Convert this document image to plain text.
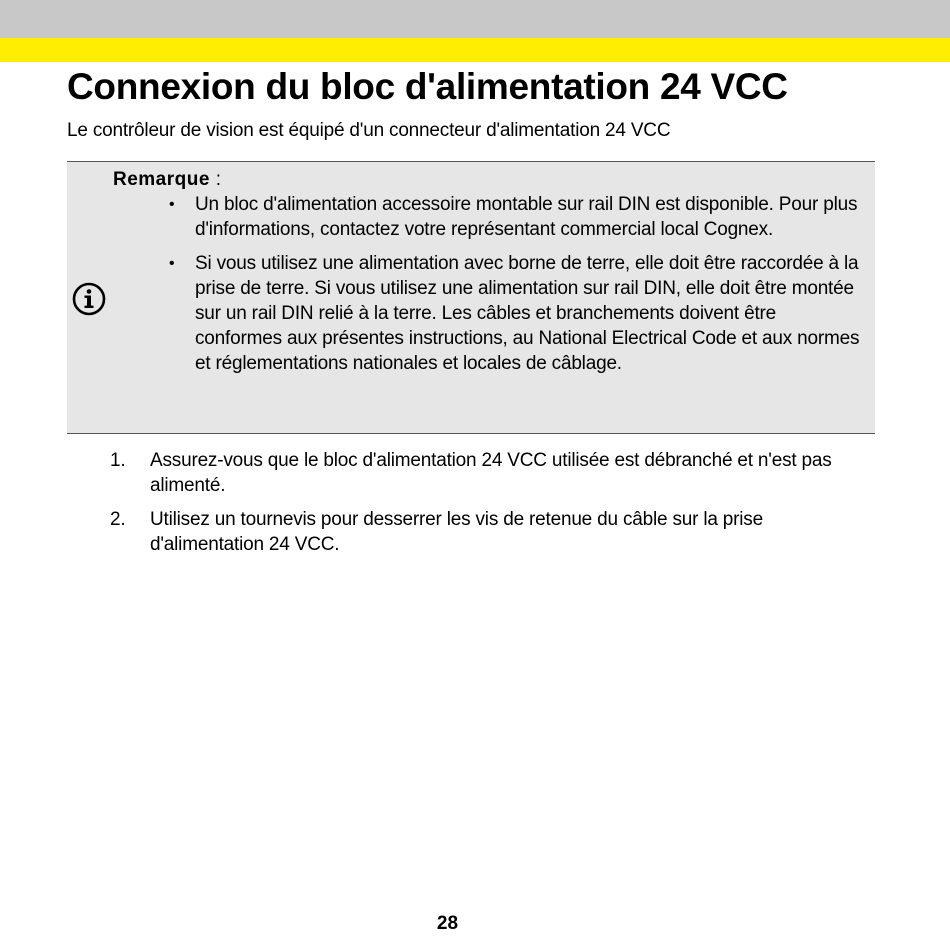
Connexion du bloc d'alimentation 24 VCC

Le contrôleur de vision est équipé d'un connecteur d'alimentation 24 VCC

Remarque :
• Un bloc d'alimentation accessoire montable sur rail DIN est disponible. Pour plus d'informations, contactez votre représentant commercial local Cognex.
• Si vous utilisez une alimentation avec borne de terre, elle doit être raccordée à la prise de terre. Si vous utilisez une alimentation sur rail DIN, elle doit être montée sur un rail DIN relié à la terre. Les câbles et branchements doivent être conformes aux présentes instructions, au National Electrical Code et aux normes et réglementations nationales et locales de câblage.
1. Assurez-vous que le bloc d'alimentation 24 VCC utilisée est débranché et n'est pas alimenté.
2. Utilisez un tournevis pour desserrer les vis de retenue du câble sur la prise d'alimentation 24 VCC.
28
